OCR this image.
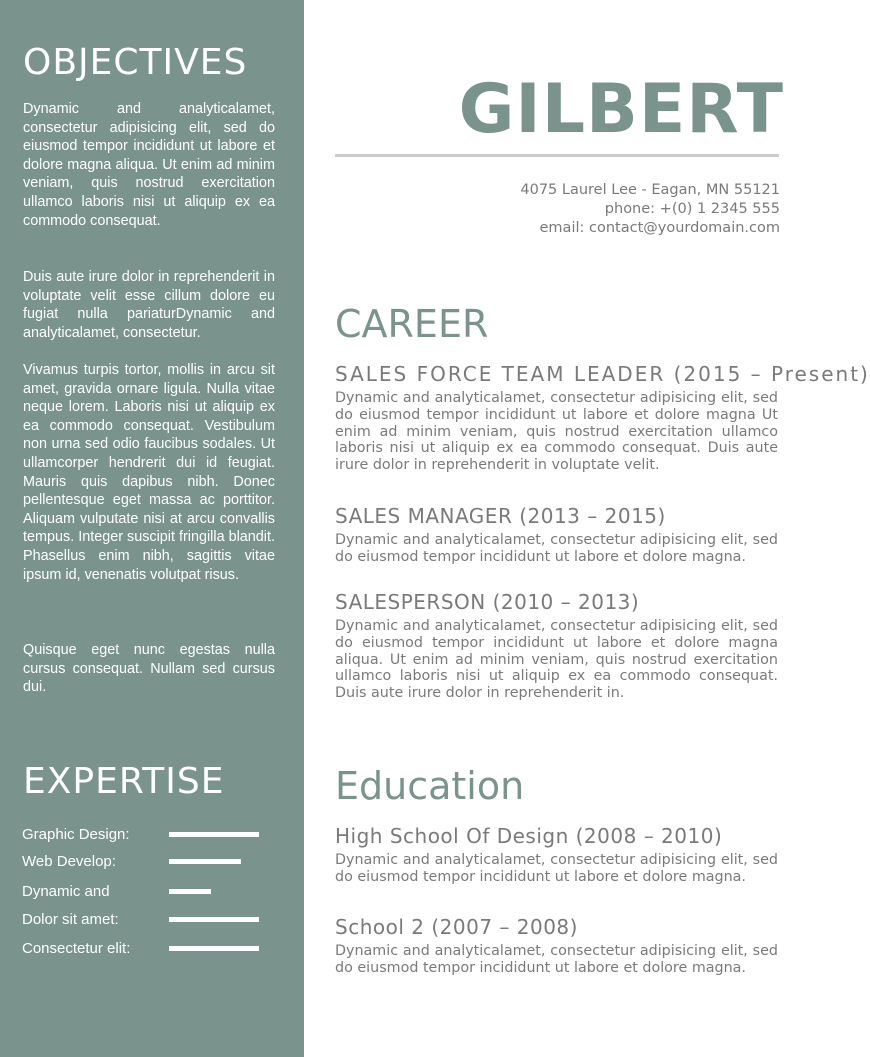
OBJECTIVES

Dynamic and analyticalamet, consectetur adipisicing elit, sed do eiusmod tempor incididunt ut labore et dolore magna aliqua. Ut enim ad minim veniam, quis nostrud exercitation ullamco laboris nisi ut aliquip ex ea commodo consequat.

Duis aute irure dolor in reprehenderit in voluptate velit esse cillum dolore eu fugiat nulla pariaturDynamic and analyticalamet, consectetur.

Vivamus turpis tortor, mollis in arcu sit amet, gravida ornare ligula. Nulla vitae neque lorem. Laboris nisi ut aliquip ex ea commodo consequat. Vestibulum non urna sed odio faucibus sodales. Ut ullamcorper hendrerit dui id feugiat. Mauris quis dapibus nibh. Donec pellentesque eget massa ac porttitor. Aliquam vulputate nisi at arcu convallis tempus. Integer suscipit fringilla blandit. Phasellus enim nibh, sagittis vitae ipsum id, venenatis volutpat risus.

Quisque eget nunc egestas nulla cursus consequat. Nullam sed cursus dui.

EXPERTISE
Graphic Design:
Web Develop:
Dynamic and
Dolor sit amet:
Consectetur elit:
GILBERT
4075 Laurel Lee - Eagan, MN 55121
phone: +(0) 1 2345 555
email: contact@yourdomain.com
CAREER
SALES FORCE TEAM LEADER (2015 – Present)

Dynamic and analyticalamet, consectetur adipisicing elit, sed do eiusmod tempor incididunt ut labore et dolore magna Ut enim ad minim veniam, quis nostrud exercitation ullamco laboris nisi ut aliquip ex ea commodo consequat. Duis aute irure dolor in reprehenderit in voluptate velit.

SALES MANAGER (2013 – 2015)

Dynamic and analyticalamet, consectetur adipisicing elit, sed do eiusmod tempor incididunt ut labore et dolore magna.

SALESPERSON (2010 – 2013)

Dynamic and analyticalamet, consectetur adipisicing elit, sed do eiusmod tempor incididunt ut labore et dolore magna aliqua. Ut enim ad minim veniam, quis nostrud exercitation ullamco laboris nisi ut aliquip ex ea commodo consequat. Duis aute irure dolor in reprehenderit in.

Education
High School Of Design (2008 – 2010)

Dynamic and analyticalamet, consectetur adipisicing elit, sed do eiusmod tempor incididunt ut labore et dolore magna.

School 2 (2007 – 2008)

Dynamic and analyticalamet, consectetur adipisicing elit, sed do eiusmod tempor incididunt ut labore et dolore magna.
